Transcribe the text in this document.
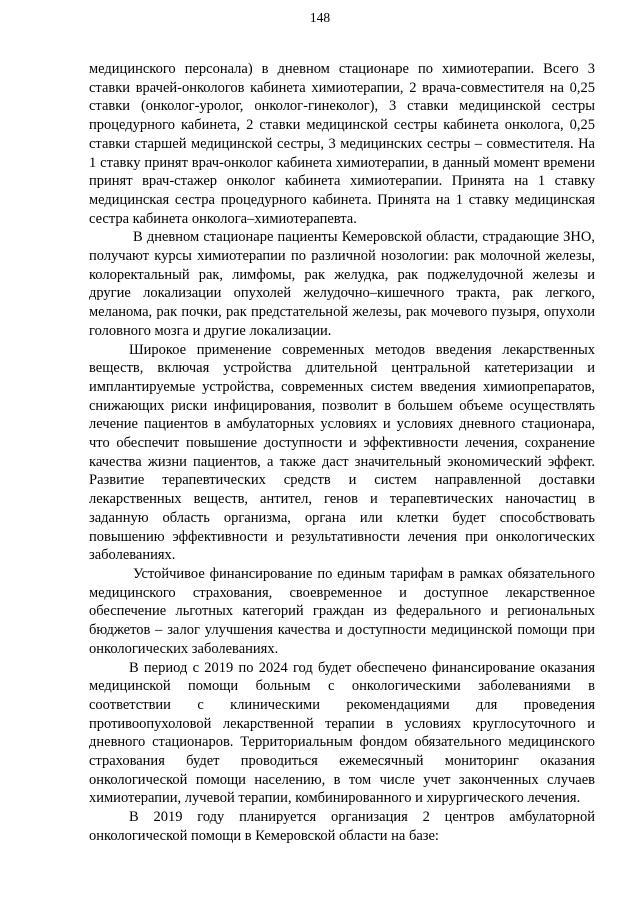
148

медицинского персонала) в дневном стационаре по химиотерапии. Всего 3 ставки врачей-онкологов кабинета химиотерапии, 2 врача-совместителя на 0,25 ставки (онколог-уролог, онколог-гинеколог), 3 ставки медицинской сестры процедурного кабинета, 2 ставки медицинской сестры кабинета онколога, 0,25 ставки старшей медицинской сестры, 3 медицинских сестры – совместителя. На 1 ставку принят врач-онколог кабинета химиотерапии, в данный момент времени принят врач-стажер онколог кабинета химиотерапии. Принята на 1 ставку медицинская сестра процедурного кабинета. Принята на 1 ставку медицинская сестра кабинета онколога–химиотерапевта.

В дневном стационаре пациенты Кемеровской области, страдающие ЗНО, получают курсы химиотерапии по различной нозологии: рак молочной железы, колоректальный рак, лимфомы, рак желудка, рак поджелудочной железы и другие локализации опухолей желудочно–кишечного тракта, рак легкого, меланома, рак почки, рак предстательной железы, рак мочевого пузыря, опухоли головного мозга и другие локализации.

Широкое применение современных методов введения лекарственных веществ, включая устройства длительной центральной катетеризации и имплантируемые устройства, современных систем введения химиопрепаратов, снижающих риски инфицирования, позволит в большем объеме осуществлять лечение пациентов в амбулаторных условиях и условиях дневного стационара, что обеспечит повышение доступности и эффективности лечения, сохранение качества жизни пациентов, а также даст значительный экономический эффект. Развитие терапевтических средств и систем направленной доставки лекарственных веществ, антител, генов и терапевтических наночастиц в заданную область организма, органа или клетки будет способствовать повышению эффективности и результативности лечения при онкологических заболеваниях.

Устойчивое финансирование по единым тарифам в рамках обязательного медицинского страхования, своевременное и доступное лекарственное обеспечение льготных категорий граждан из федерального и региональных бюджетов – залог улучшения качества и доступности медицинской помощи при онкологических заболеваниях.

В период с 2019 по 2024 год будет обеспечено финансирование оказания медицинской помощи больным с онкологическими заболеваниями в соответствии с клиническими рекомендациями для проведения противоопухоловой лекарственной терапии в условиях круглосуточного и дневного стационаров. Территориальным фондом обязательного медицинского страхования будет проводиться ежемесячный мониторинг оказания онкологической помощи населению, в том числе учет законченных случаев химиотерапии, лучевой терапии, комбинированного и хирургического лечения.

В 2019 году планируется организация 2 центров амбулаторной онкологической помощи в Кемеровской области на базе:
